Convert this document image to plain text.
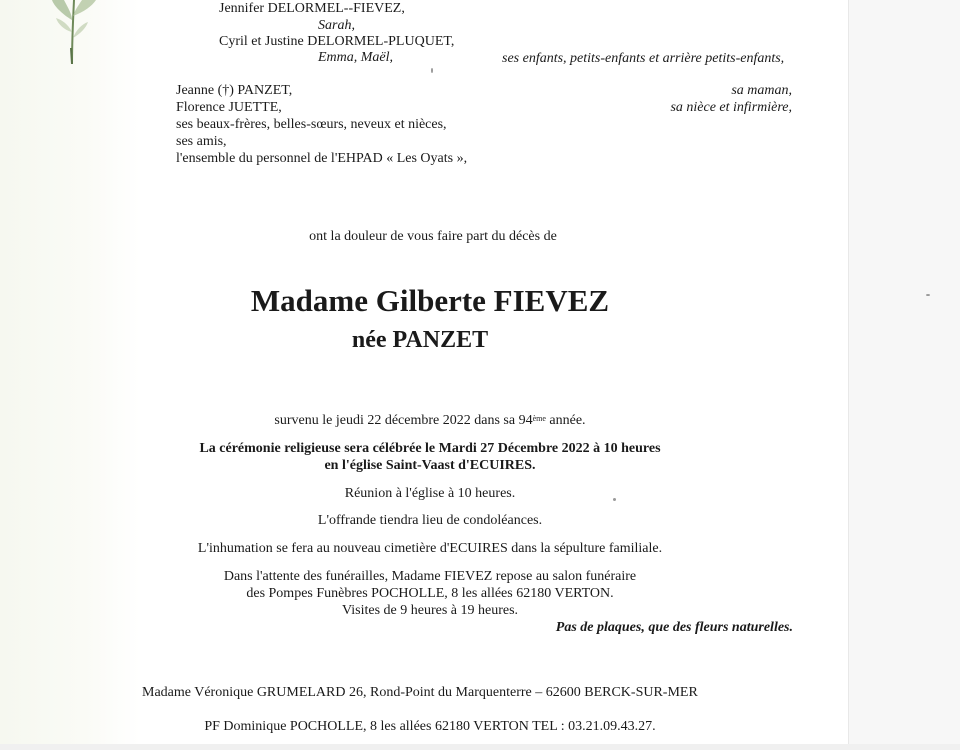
Jennifer DELORMEL--FIEVEZ,

Sarah,

Cyril et Justine DELORMEL-PLUQUET,

Emma, Maël,	ses enfants, petits-enfants et arrière petits-enfants,

Jeanne (†) PANZET,	sa maman,

Florence JUETTE,	sa nièce et infirmière,

ses beaux-frères, belles-sœurs, neveux et nièces,

ses amis,

l'ensemble du personnel de l'EHPAD « Les Oyats »,

ont la douleur de vous faire part du décès de

Madame Gilberte FIEVEZ

née PANZET

survenu le jeudi 22 décembre 2022 dans sa 94ème année.

La cérémonie religieuse sera célébrée le Mardi 27 Décembre 2022 à 10 heures

en l'église Saint-Vaast d'ECUIRES.

Réunion à l'église à 10 heures.

L'offrande tiendra lieu de condoléances.

L'inhumation se fera au nouveau cimetière d'ECUIRES dans la sépulture familiale.

Dans l'attente des funérailles, Madame FIEVEZ repose au salon funéraire

des Pompes Funèbres POCHOLLE, 8 les allées 62180 VERTON.

Visites de 9 heures à 19 heures.

Pas de plaques, que des fleurs naturelles.

Madame Véronique GRUMELARD 26, Rond-Point du Marquenterre – 62600 BERCK-SUR-MER

PF Dominique POCHOLLE, 8 les allées 62180 VERTON TEL : 03.21.09.43.27.
